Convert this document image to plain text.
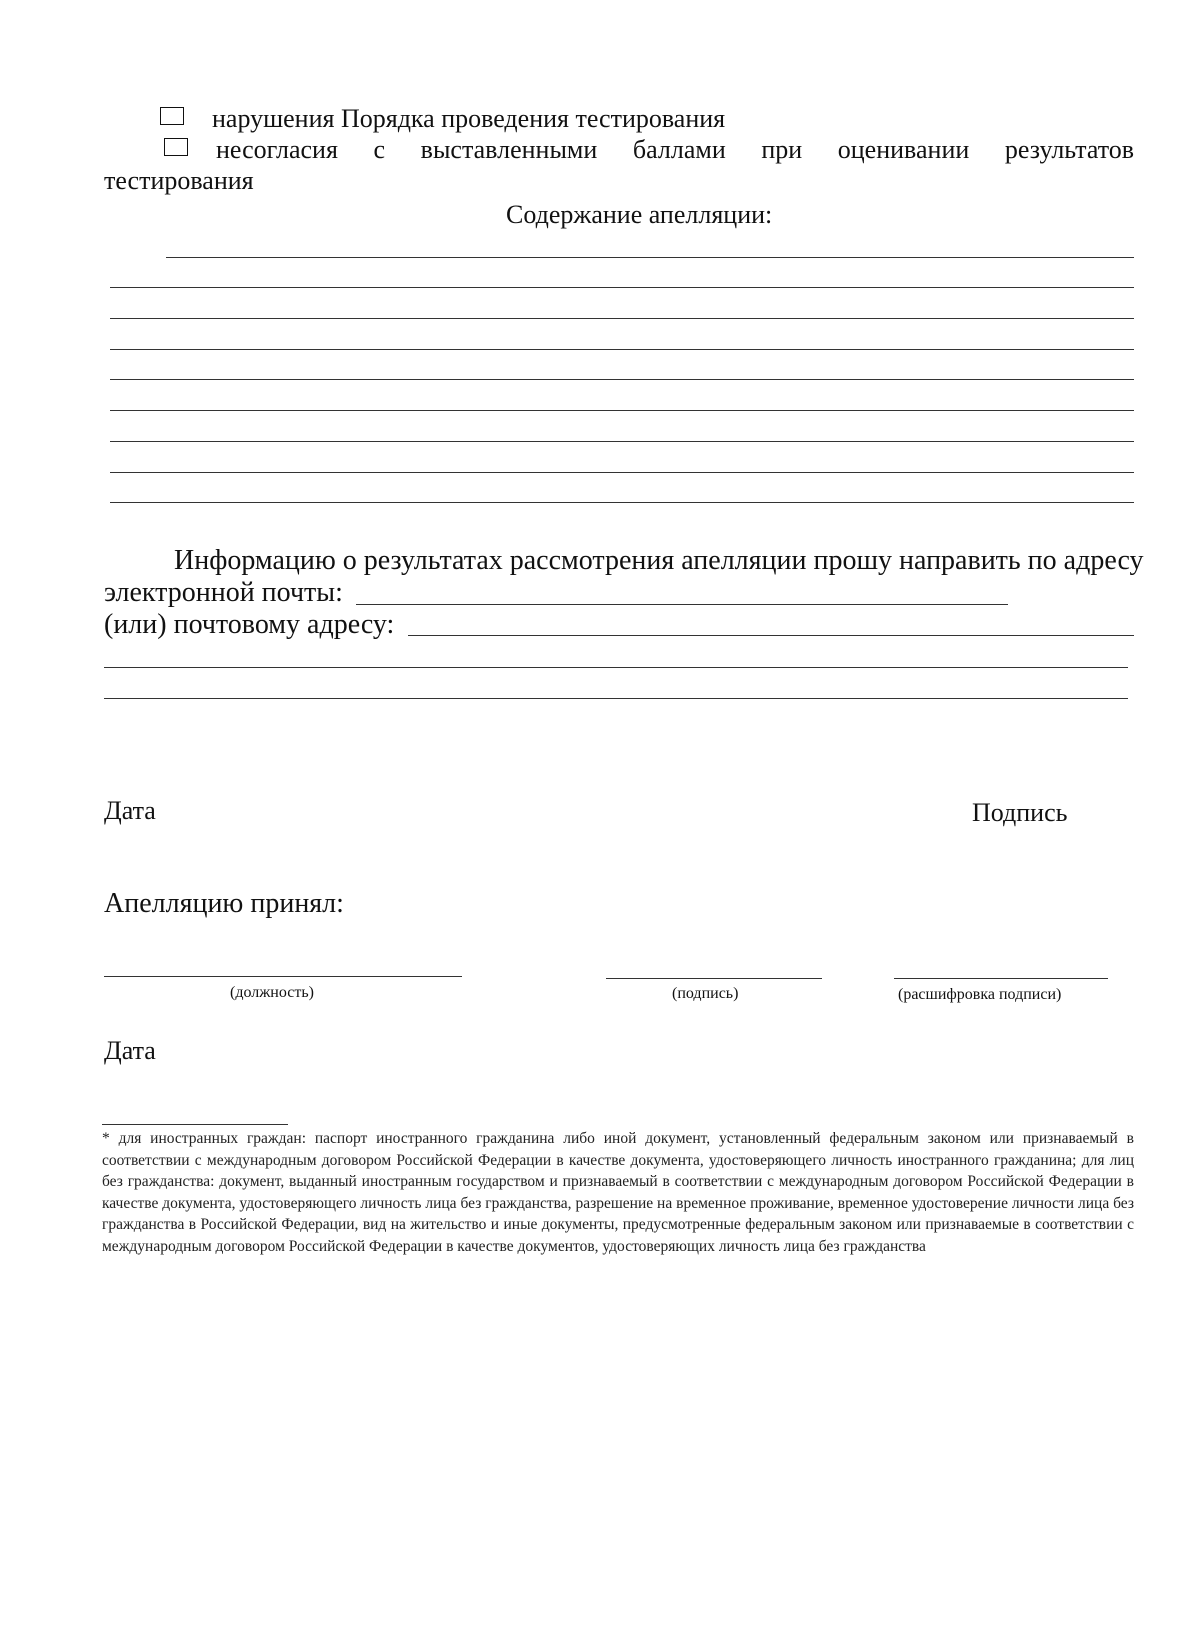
нарушения Порядка проведения тестирования
несогласия с выставленными баллами при оценивании результатов
тестирования
Содержание апелляции:
Информацию о результатах рассмотрения апелляции прошу направить по адресу
электронной почты:
(или) почтовому адресу:
Дата	Подпись
Апелляцию принял:
(должность)	(подпись)	(расшифровка подписи)
Дата
* для иностранных граждан: паспорт иностранного гражданина либо иной документ, установленный федеральным законом или признаваемый в соответствии с международным договором Российской Федерации в качестве документа, удостоверяющего личность иностранного гражданина; для лиц без гражданства: документ, выданный иностранным государством и признаваемый в соответствии с международным договором Российской Федерации в качестве документа, удостоверяющего личность лица без гражданства, разрешение на временное проживание, временное удостоверение личности лица без гражданства в Российской Федерации, вид на жительство и иные документы, предусмотренные федеральным законом или признаваемые в соответствии с международным договором Российской Федерации в качестве документов, удостоверяющих личность лица без гражданства
